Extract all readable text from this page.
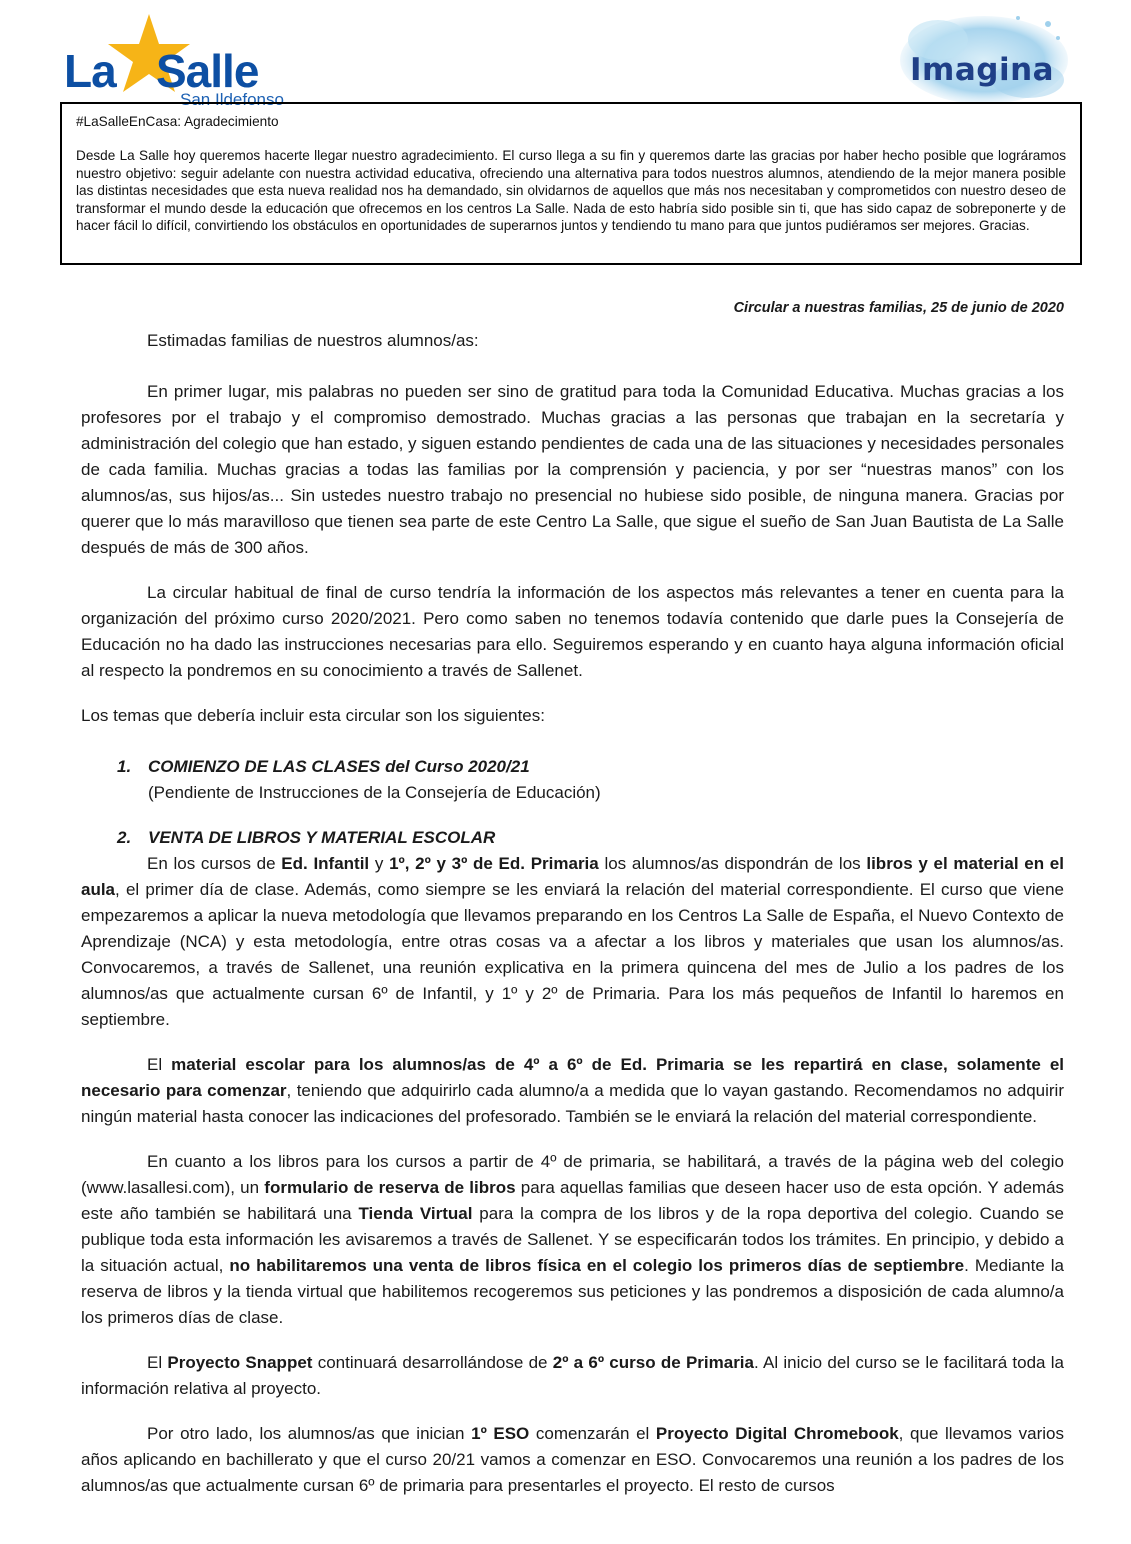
La Salle
San Ildefonso
Imagina

#LaSalleEnCasa: Agradecimiento

Desde La Salle hoy queremos hacerte llegar nuestro agradecimiento. El curso llega a su fin y queremos darte las gracias por haber hecho posible que lográramos nuestro objetivo: seguir adelante con nuestra actividad educativa, ofreciendo una alternativa para todos nuestros alumnos, atendiendo de la mejor manera posible las distintas necesidades que esta nueva realidad nos ha demandado, sin olvidarnos de aquellos que más nos necesitaban y comprometidos con nuestro deseo de transformar el mundo desde la educación que ofrecemos en los centros La Salle. Nada de esto habría sido posible sin ti, que has sido capaz de sobreponerte y de hacer fácil lo difícil, convirtiendo los obstáculos en oportunidades de superarnos juntos y tendiendo tu mano para que juntos pudiéramos ser mejores. Gracias.

Circular a nuestras familias, 25 de junio de 2020

Estimadas familias de nuestros alumnos/as:

En primer lugar, mis palabras no pueden ser sino de gratitud para toda la Comunidad Educativa. Muchas gracias a los profesores por el trabajo y el compromiso demostrado. Muchas gracias a las personas que trabajan en la secretaría y administración del colegio que han estado, y siguen estando pendientes de cada una de las situaciones y necesidades personales de cada familia. Muchas gracias a todas las familias por la comprensión y paciencia, y por ser “nuestras manos” con los alumnos/as, sus hijos/as... Sin ustedes nuestro trabajo no presencial no hubiese sido posible, de ninguna manera. Gracias por querer que lo más maravilloso que tienen sea parte de este Centro La Salle, que sigue el sueño de San Juan Bautista de La Salle después de más de 300 años.

La circular habitual de final de curso tendría la información de los aspectos más relevantes a tener en cuenta para la organización del próximo curso 2020/2021. Pero como saben no tenemos todavía contenido que darle pues la Consejería de Educación no ha dado las instrucciones necesarias para ello. Seguiremos esperando y en cuanto haya alguna información oficial al respecto la pondremos en su conocimiento a través de Sallenet.

Los temas que debería incluir esta circular son los siguientes:

1. COMIENZO DE LAS CLASES del Curso 2020/21

(Pendiente de Instrucciones de la Consejería de Educación)

2. VENTA DE LIBROS Y MATERIAL ESCOLAR

En los cursos de Ed. Infantil y 1º, 2º y 3º de Ed. Primaria los alumnos/as dispondrán de los libros y el material en el aula, el primer día de clase. Además, como siempre se les enviará la relación del material correspondiente. El curso que viene empezaremos a aplicar la nueva metodología que llevamos preparando en los Centros La Salle de España, el Nuevo Contexto de Aprendizaje (NCA) y esta metodología, entre otras cosas va a afectar a los libros y materiales que usan los alumnos/as. Convocaremos, a través de Sallenet, una reunión explicativa en la primera quincena del mes de Julio a los padres de los alumnos/as que actualmente cursan 6º de Infantil, y 1º y 2º de Primaria. Para los más pequeños de Infantil lo haremos en septiembre.

El material escolar para los alumnos/as de 4º a 6º de Ed. Primaria se les repartirá en clase, solamente el necesario para comenzar, teniendo que adquirirlo cada alumno/a a medida que lo vayan gastando. Recomendamos no adquirir ningún material hasta conocer las indicaciones del profesorado. También se le enviará la relación del material correspondiente.

En cuanto a los libros para los cursos a partir de 4º de primaria, se habilitará, a través de la página web del colegio (www.lasallesi.com), un formulario de reserva de libros para aquellas familias que deseen hacer uso de esta opción. Y además este año también se habilitará una Tienda Virtual para la compra de los libros y de la ropa deportiva del colegio. Cuando se publique toda esta información les avisaremos a través de Sallenet. Y se especificarán todos los trámites. En principio, y debido a la situación actual, no habilitaremos una venta de libros física en el colegio los primeros días de septiembre. Mediante la reserva de libros y la tienda virtual que habilitemos recogeremos sus peticiones y las pondremos a disposición de cada alumno/a los primeros días de clase.

El Proyecto Snappet continuará desarrollándose de 2º a 6º curso de Primaria. Al inicio del curso se le facilitará toda la información relativa al proyecto.

Por otro lado, los alumnos/as que inician 1º ESO comenzarán el Proyecto Digital Chromebook, que llevamos varios años aplicando en bachillerato y que el curso 20/21 vamos a comenzar en ESO. Convocaremos una reunión a los padres de los alumnos/as que actualmente cursan 6º de primaria para presentarles el proyecto. El resto de cursos
